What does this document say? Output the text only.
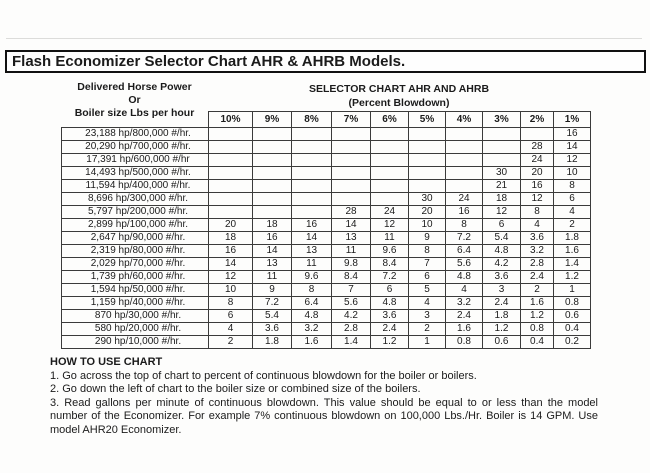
Flash Economizer Selector Chart AHR & AHRB Models.
Delivered Horse Power
Or
Boiler size Lbs per hour
SELECTOR CHART AHR AND AHRB
(Percent Blowdown)
	10%	9%	8%	7%	6%	5%	4%	3%	2%	1%
23,188 hp/800,000 #/hr.										16
20,290 hp/700,000 #/hr.									28	14
17,391 hp/600,000 #/hr									24	12
14,493 hp/500,000 #/hr.								30	20	10
11,594 hp/400,000 #/hr.								21	16	8
8,696 hp/300,000 #/hr.						30	24	18	12	6
5,797 hp/200,000 #/hr.				28	24	20	16	12	8	4
2,899 hp/100,000 #/hr.	20	18	16	14	12	10	8	6	4	2
2,647 hp/90,000 #/hr.	18	16	14	13	11	9	7.2	5.4	3.6	1.8
2,319 hp/80,000 #/hr.	16	14	13	11	9.6	8	6.4	4.8	3.2	1.6
2,029 hp/70,000 #/hr.	14	13	11	9.8	8.4	7	5.6	4.2	2.8	1.4
1,739 ph/60,000 #/hr.	12	11	9.6	8.4	7.2	6	4.8	3.6	2.4	1.2
1,594 hp/50,000 #/hr.	10	9	8	7	6	5	4	3	2	1
1,159 hp/40,000 #/hr.	8	7.2	6.4	5.6	4.8	4	3.2	2.4	1.6	0.8
870 hp/30,000 #/hr.	6	5.4	4.8	4.2	3.6	3	2.4	1.8	1.2	0.6
580 hp/20,000 #/hr.	4	3.6	3.2	2.8	2.4	2	1.6	1.2	0.8	0.4
290 hp/10,000 #/hr.	2	1.8	1.6	1.4	1.2	1	0.8	0.6	0.4	0.2
HOW TO USE CHART

1. Go across the top of chart to percent of continuous blowdown for the boiler or boilers.

2. Go down the left of chart to the boiler size or combined size of the boilers.

3. Read gallons per minute of continuous blowdown. This value should be equal to or less than the model number of the Economizer. For example 7% continuous blowdown on 100,000 Lbs./Hr. Boiler is 14 GPM. Use model AHR20 Economizer.
